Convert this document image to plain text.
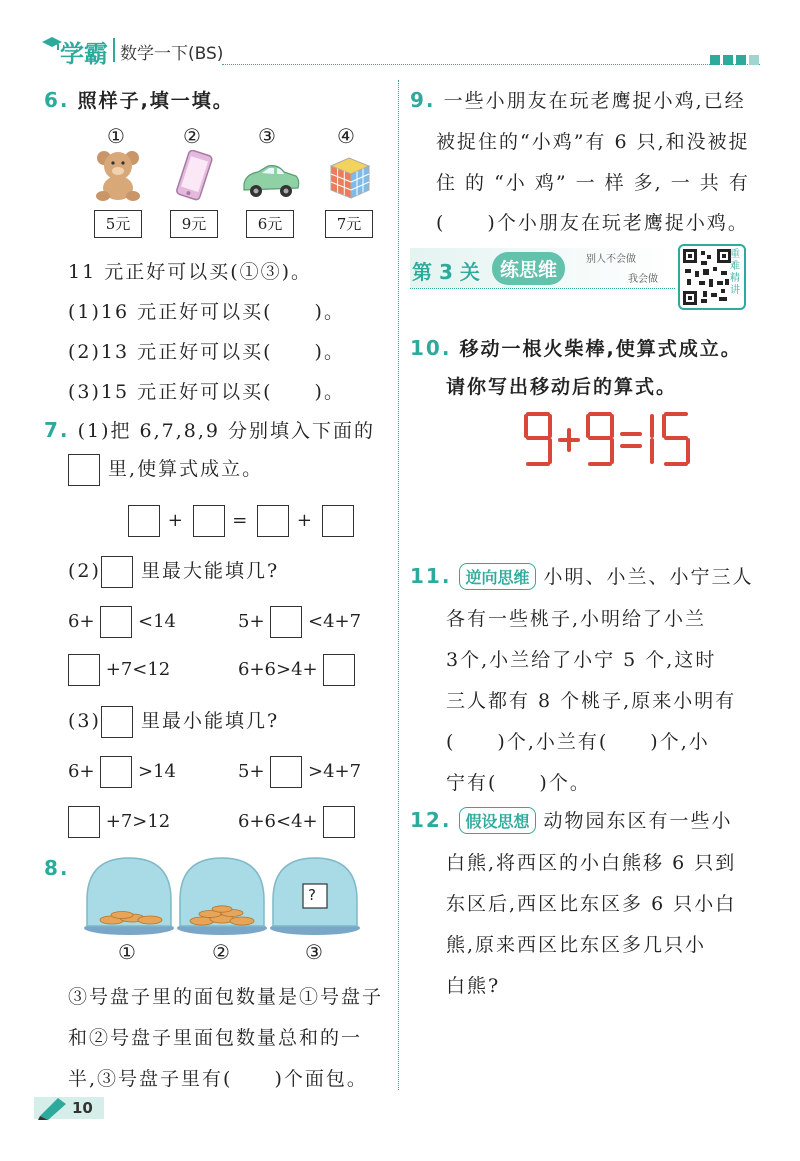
学霸 数学一下(BS)
6. 照样子,填一填。
①	②	③	④
5元	9元	6元	7元
11 元正好可以买(①③)。
(1)16 元正好可以买(　　)。
(2)13 元正好可以买(　　)。
(3)15 元正好可以买(　　)。
7. (1)把 6,7,8,9 分别填入下面的
里,使算式成立。
+	=	+
(2) 里最大能填几?
6+ <14	5+ <4+7
+7<12	6+6>4+
(3) 里最小能填几?
6+ >14	5+ >4+7
+7>12	6+6<4+
8.
?
①	②	③
③号盘子里的面包数量是①号盘子
和②号盘子里面包数量总和的一
半,③号盘子里有(　　)个面包。
10
9. 一些小朋友在玩老鹰捉小鸡,已经
被捉住的“小鸡”有 6 只,和没被捉
住 的 “小 鸡” 一 样 多, 一 共 有
(　　)个小朋友在玩老鹰捉小鸡。
第 3 关	练思维	别人不会做
我会做
重难精讲
10. 移动一根火柴棒,使算式成立。
请你写出移动后的算式。
11. 逆向思维 小明、小兰、小宁三人
各有一些桃子,小明给了小兰
3个,小兰给了小宁 5 个,这时
三人都有 8 个桃子,原来小明有
(　　)个,小兰有(　　)个,小
宁有(　　)个。
12. 假设思想 动物园东区有一些小
白熊,将西区的小白熊移 6 只到
东区后,西区比东区多 6 只小白
熊,原来西区比东区多几只小
白熊?
